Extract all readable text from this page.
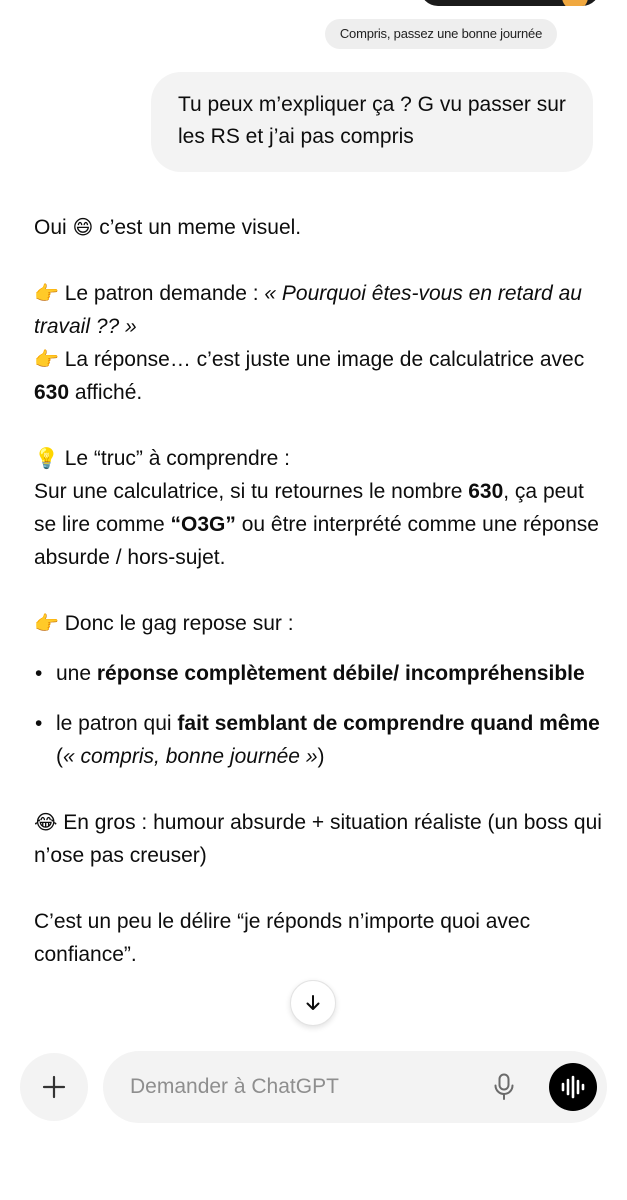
Compris, passez une bonne journée
Tu peux m’expliquer ça ? G vu passer sur les RS et j’ai pas compris

Oui 😄 c’est un meme visuel.

👉 Le patron demande : « Pourquoi êtes-vous en retard au travail ?? »

👉 La réponse… c’est juste une image de calculatrice avec 630 affiché.

💡 Le “truc” à comprendre :

Sur une calculatrice, si tu retournes le nombre 630, ça peut se lire comme “O3G” ou être interprété comme une réponse absurde / hors-sujet.

👉 Donc le gag repose sur :

• une réponse complètement débile/ incompréhensible
• le patron qui fait semblant de comprendre quand même (« compris, bonne journée »)

😂 En gros : humour absurde + situation réaliste (un boss qui n’ose pas creuser)

C’est un peu le délire “je réponds n’importe quoi avec confiance”.

Demander à ChatGPT
